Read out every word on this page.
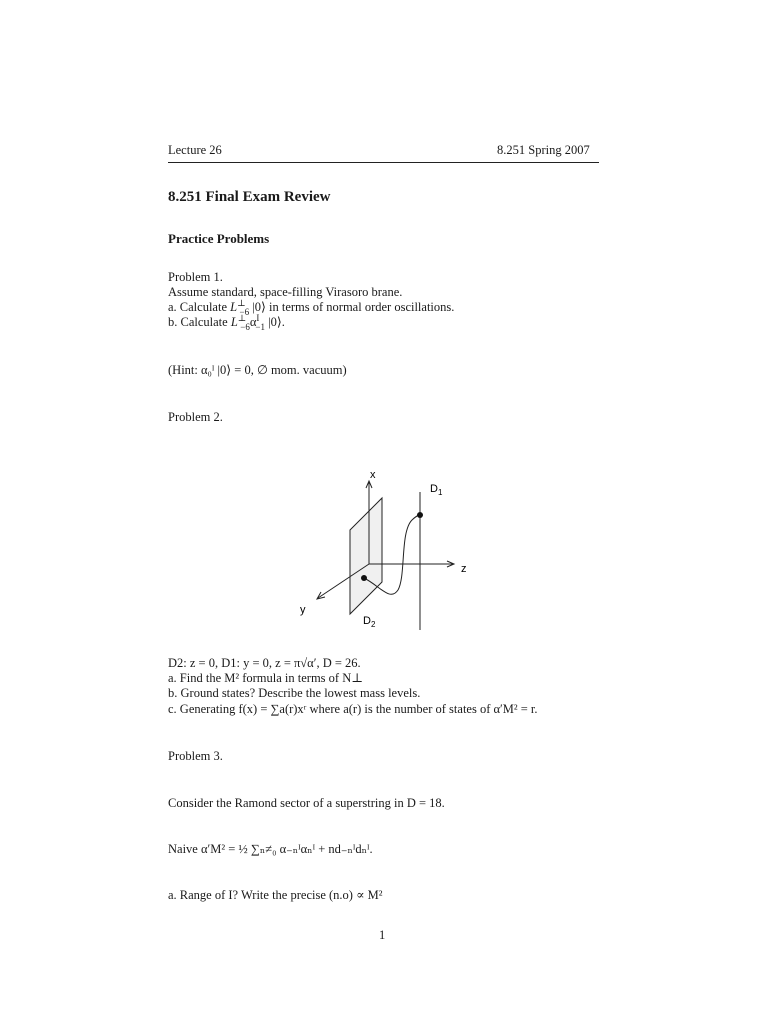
Lecture 26	8.251 Spring 2007
8.251 Final Exam Review
Practice Problems
Problem 1.
Assume standard, space-filling Virasoro brane.
a. Calculate $L^\perp_{-6}$ |0⟩ in terms of normal order oscillations.
b. Calculate $L^\perp_{-6}\alpha^I_{-1}$ |0⟩.
(Hint: α₀ᴵ |0⟩ = 0, ∅ mom. vacuum)
Problem 2.
x
z
y
$D_1$
$D_2$
D2: z = 0, D1: y = 0, z = π√α′, D = 26.
a. Find the M² formula in terms of N⊥
b. Ground states? Describe the lowest mass levels.
c. Generating f(x) = ∑a(r)xʳ where a(r) is the number of states of α′M² = r.
Problem 3.
Consider the Ramond sector of a superstring in D = 18.
Naive α′M² = ½ ∑ₙ≠₀ α₋ₙᴵαₙᴵ + nd₋ₙᴵdₙᴵ.
a. Range of I? Write the precise (n.o) ∝ M²
1
